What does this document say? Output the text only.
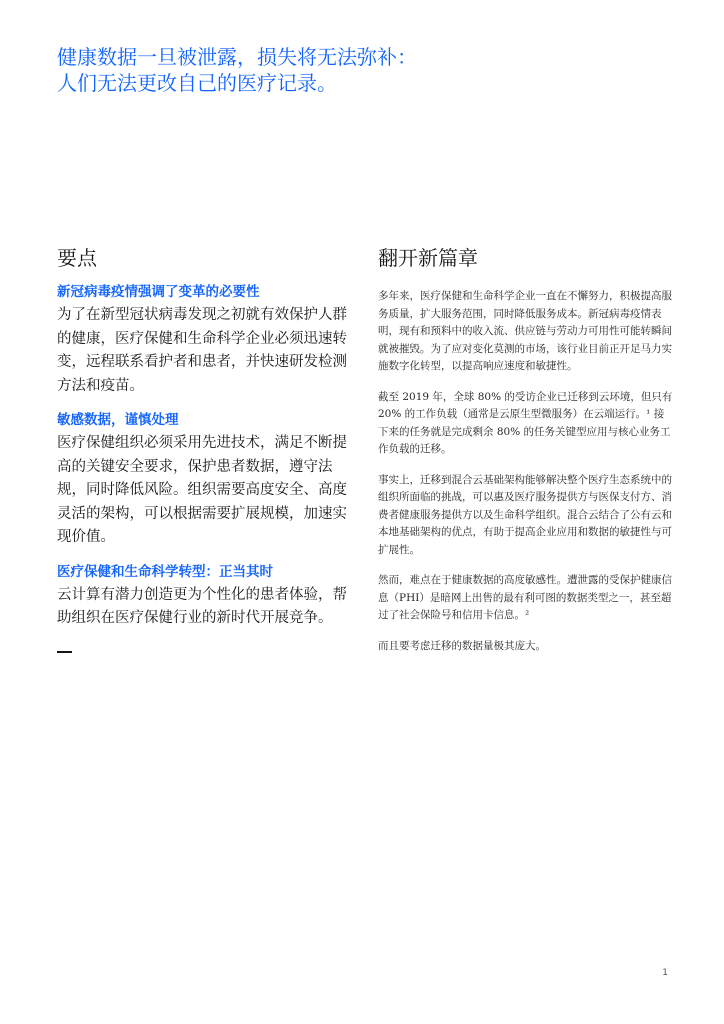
健康数据一旦被泄露，损失将无法弥补：
人们无法更改自己的医疗记录。
要点
新冠病毒疫情强调了变革的必要性
为了在新型冠状病毒发现之初就有效保护人群的健康，医疗保健和生命科学企业必须迅速转变，远程联系看护者和患者，并快速研发检测方法和疫苗。
敏感数据，谨慎处理
医疗保健组织必须采用先进技术，满足不断提高的关键安全要求，保护患者数据，遵守法规，同时降低风险。组织需要高度安全、高度灵活的架构，可以根据需要扩展规模，加速实现价值。
医疗保健和生命科学转型：正当其时
云计算有潜力创造更为个性化的患者体验，帮助组织在医疗保健行业的新时代开展竞争。
翻开新篇章

多年来，医疗保健和生命科学企业一直在不懈努力，积极提高服务质量，扩大服务范围，同时降低服务成本。新冠病毒疫情表明，现有和预料中的收入流、供应链与劳动力可用性可能转瞬间就被摧毁。为了应对变化莫测的市场，该行业目前正开足马力实施数字化转型，以提高响应速度和敏捷性。

截至 2019 年，全球 80% 的受访企业已迁移到云环境，但只有 20% 的工作负载（通常是云原生型微服务）在云端运行。¹ 接下来的任务就是完成剩余 80% 的任务关键型应用与核心业务工作负载的迁移。

事实上，迁移到混合云基础架构能够解决整个医疗生态系统中的组织所面临的挑战，可以惠及医疗服务提供方与医保支付方、消费者健康服务提供方以及生命科学组织。混合云结合了公有云和本地基础架构的优点，有助于提高企业应用和数据的敏捷性与可扩展性。

然而，难点在于健康数据的高度敏感性。遭泄露的受保护健康信息（PHI）是暗网上出售的最有利可图的数据类型之一，甚至超过了社会保险号和信用卡信息。²

而且要考虑迁移的数据量极其庞大。

1
